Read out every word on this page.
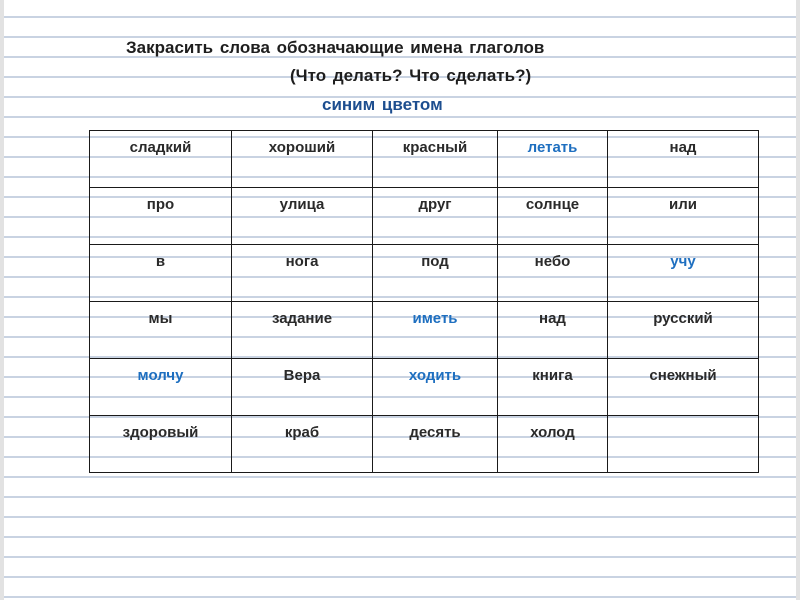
Закрасить слова обозначающие имена глаголов
(Что делать? Что сделать?)
синим цветом
сладкий	хороший	красный	летать	над

про	улица	друг	солнце	или

в	нога	под	небо	учу

мы	задание	иметь	над	русский

молчу	Вера	ходить	книга	снежный

здоровый	краб	десять	холод	
